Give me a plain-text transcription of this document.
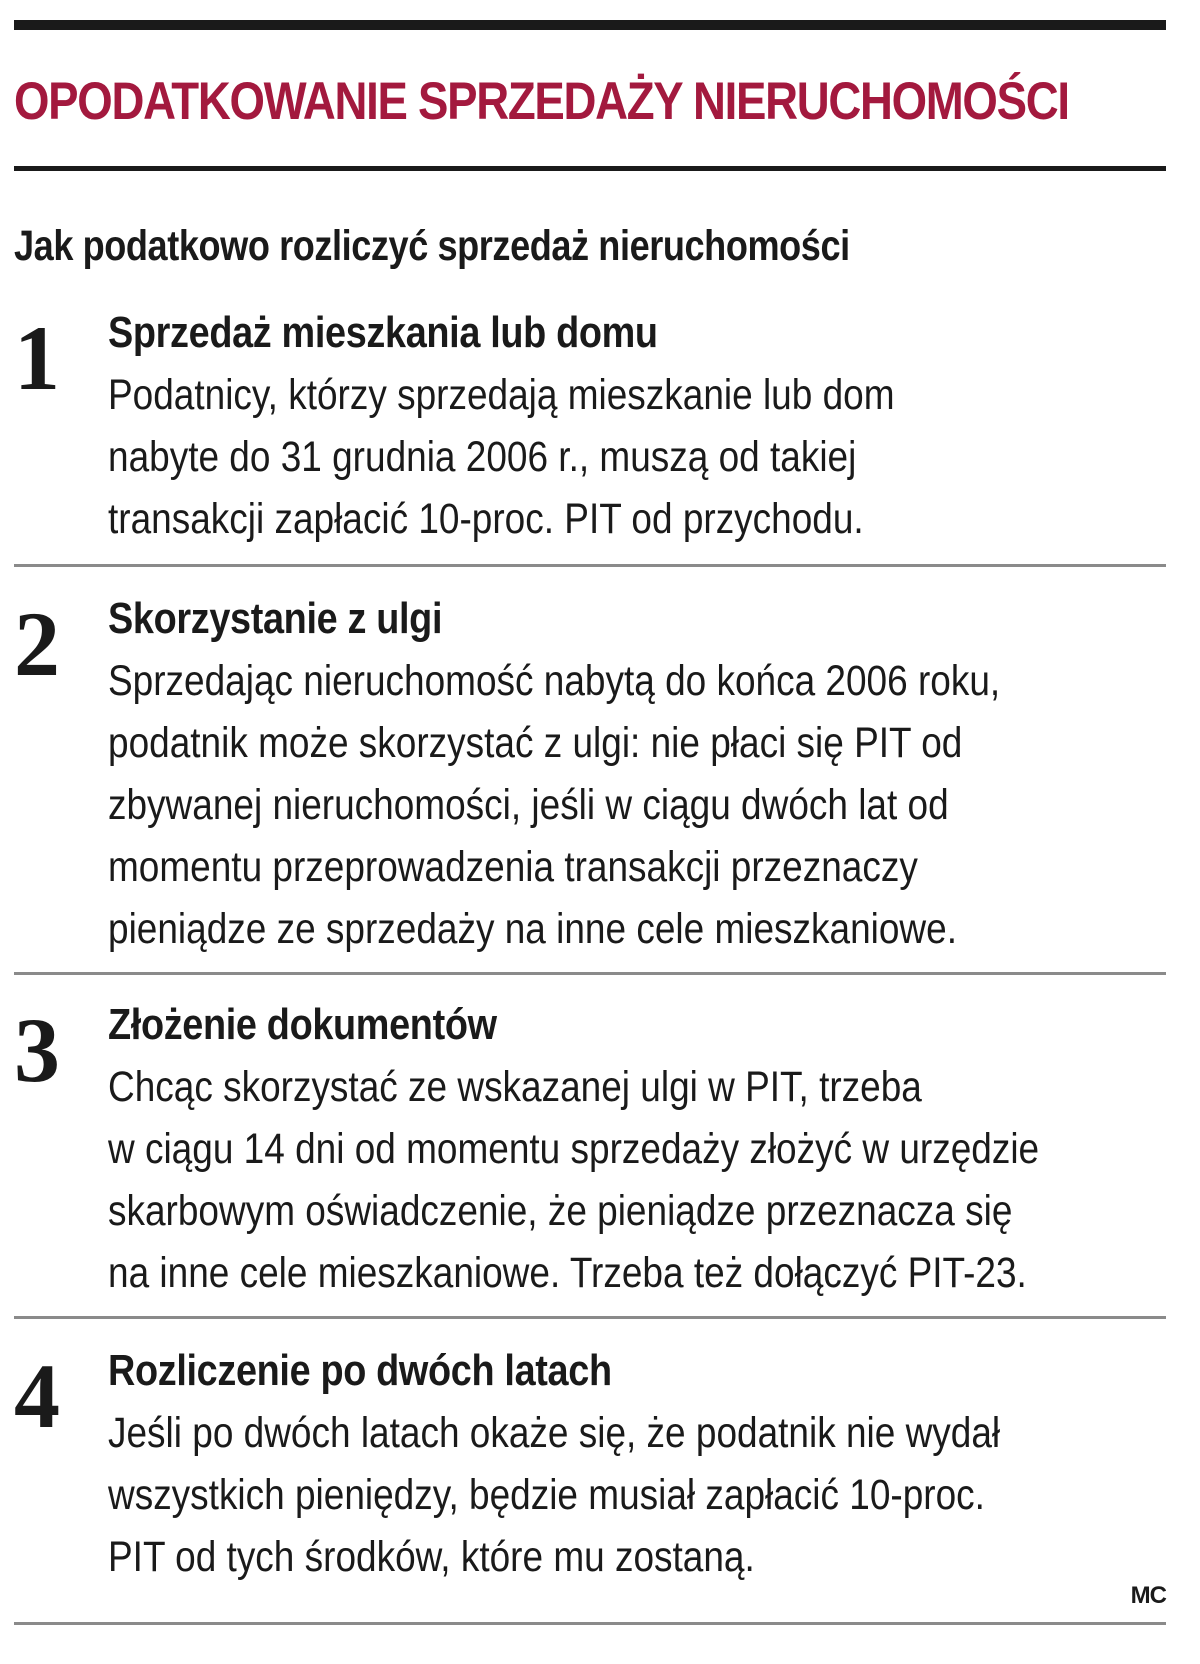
OPODATKOWANIE SPRZEDAŻY NIERUCHOMOŚCI
Jak podatkowo rozliczyć sprzedaż nieruchomości
1	Sprzedaż mieszkania lub domu

Podatnicy, którzy sprzedają mieszkanie lub dom
nabyte do 31 grudnia 2006 r., muszą od takiej
transakcji zapłacić 10-proc. PIT od przychodu.

2	Skorzystanie z ulgi

Sprzedając nieruchomość nabytą do końca 2006 roku,
podatnik może skorzystać z ulgi: nie płaci się PIT od
zbywanej nieruchomości, jeśli w ciągu dwóch lat od
momentu przeprowadzenia transakcji przeznaczy
pieniądze ze sprzedaży na inne cele mieszkaniowe.

3	Złożenie dokumentów

Chcąc skorzystać ze wskazanej ulgi w PIT, trzeba
w ciągu 14 dni od momentu sprzedaży złożyć w urzędzie
skarbowym oświadczenie, że pieniądze przeznacza się
na inne cele mieszkaniowe. Trzeba też dołączyć PIT-23.

4	Rozliczenie po dwóch latach

Jeśli po dwóch latach okaże się, że podatnik nie wydał
wszystkich pieniędzy, będzie musiał zapłacić 10-proc.
PIT od tych środków, które mu zostaną.

MC
